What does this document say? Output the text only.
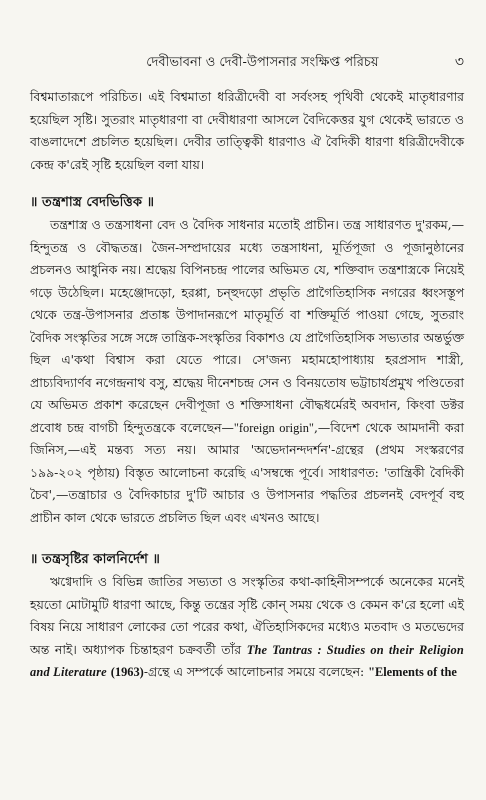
দেবীভাবনা ও দেবী-উপাসনার সংক্ষিপ্ত পরিচয়	৩

বিশ্বমাতারূপে পরিচিত। এই বিশ্বমাতা ধরিত্রীদেবী বা সর্বংসহ পৃথিবী থেকেই মাতৃধারণার হয়েছিল সৃষ্টি। সুতরাং মাতৃধারণা বা দেবীধারণা আসলে বৈদিকেত্তর যুগ থেকেই ভারতে ও বাঙলাদেশে প্রচলিত হয়েছিল। দেবীর তাত্ত্বিকী ধারণাও ঐ বৈদিকী ধারণা ধরিত্রীদেবীকে কেন্দ্র ক'রেই সৃষ্টি হয়েছিল বলা যায়।

॥ তন্ত্রশাস্ত্র বেদভিত্তিক ॥

তন্ত্রশাস্ত্র ও তন্ত্রসাধনা বেদ ও বৈদিক সাধনার মতোই প্রাচীন। তন্ত্র সাধারণত দু'রকম,—হিন্দুতন্ত্র ও বৌদ্ধতন্ত্র। জৈন-সম্প্রদায়ের মধ্যে তন্ত্রসাধনা, মূর্তিপূজা ও পূজানুষ্ঠানের প্রচলনও আধুনিক নয়। শ্রদ্ধেয় বিপিনচন্দ্র পালের অভিমত যে, শক্তিবাদ তন্ত্রশাস্ত্রকে নিয়েই গড়ে উঠেছিল। মহেঞ্জোদড়ো, হরপ্পা, চন্হুদড়ো প্রভৃতি প্রাগৈতিহাসিক নগরের ধ্বংসস্তূপ থেকে তন্ত্র-উপাসনার প্রতাঙ্ক উপাদানরূপে মাতৃমূর্তি বা শক্তিমূর্তি পাওয়া গেছে, সুতরাং বৈদিক সংস্কৃতির সঙ্গে সঙ্গে তান্ত্রিক-সংস্কৃতির বিকাশও যে প্রাগৈতিহাসিক সভ্যতার অন্তর্ভুক্ত ছিল এ'কথা বিশ্বাস করা যেতে পারে। সে'জন্য মহামহোপাধ্যায় হরপ্রসাদ শাস্ত্রী, প্রাচ্যবিদ্যার্ণব নগেন্দ্রনাথ বসু, শ্রদ্ধেয় দীনেশচন্দ্র সেন ও বিনয়তোষ ভট্টাচার্যপ্রমুখ পণ্ডিতেরা যে অভিমত প্রকাশ করেছেন দেবীপূজা ও শক্তিসাধনা বৌদ্ধধর্মেরই অবদান, কিংবা ডক্টর প্রবোধ চন্দ্র বাগচী হিন্দুতন্ত্রকে বলেছেন—"foreign origin",—বিদেশ থেকে আমদানী করা জিনিস,—এই মন্তব্য সত্য নয়। আমার 'অভেদানন্দদর্শন'-গ্রন্থের (প্রথম সংস্করণের ১৯৯-২০২ পৃষ্ঠায়) বিস্তৃত আলোচনা করেছি এ'সম্বন্ধে পূর্বে। সাধারণত: 'তান্ত্রিকী বৈদিকী চৈব',—তন্ত্রাচার ও বৈদিকাচার দু'টি আচার ও উপাসনার পদ্ধতির প্রচলনই বেদপূর্ব বহু প্রাচীন কাল থেকে ভারতে প্রচলিত ছিল এবং এখনও আছে।

॥ তন্ত্রসৃষ্টির কালনির্দেশ ॥

ঋগ্বেদাদি ও বিভিন্ন জাতির সভ্যতা ও সংস্কৃতির কথা-কাহিনীসম্পর্কে অনেকের মনেই হয়তো মোটামুটি ধারণা আছে, কিন্তু তন্ত্রের সৃষ্টি কোন্ সময় থেকে ও কেমন ক'রে হলো এই বিষয় নিয়ে সাধারণ লোকের তো পরের কথা, ঐতিহাসিকদের মধ্যেও মতবাদ ও মতভেদের অন্ত নাই। অধ্যাপক চিন্তাহরণ চক্রবর্তী তাঁর The Tantras : Studies on their Religion and Literature (1963)-গ্রন্থে এ সম্পর্কে আলোচনার সময়ে বলেছেন: "Elements of the
